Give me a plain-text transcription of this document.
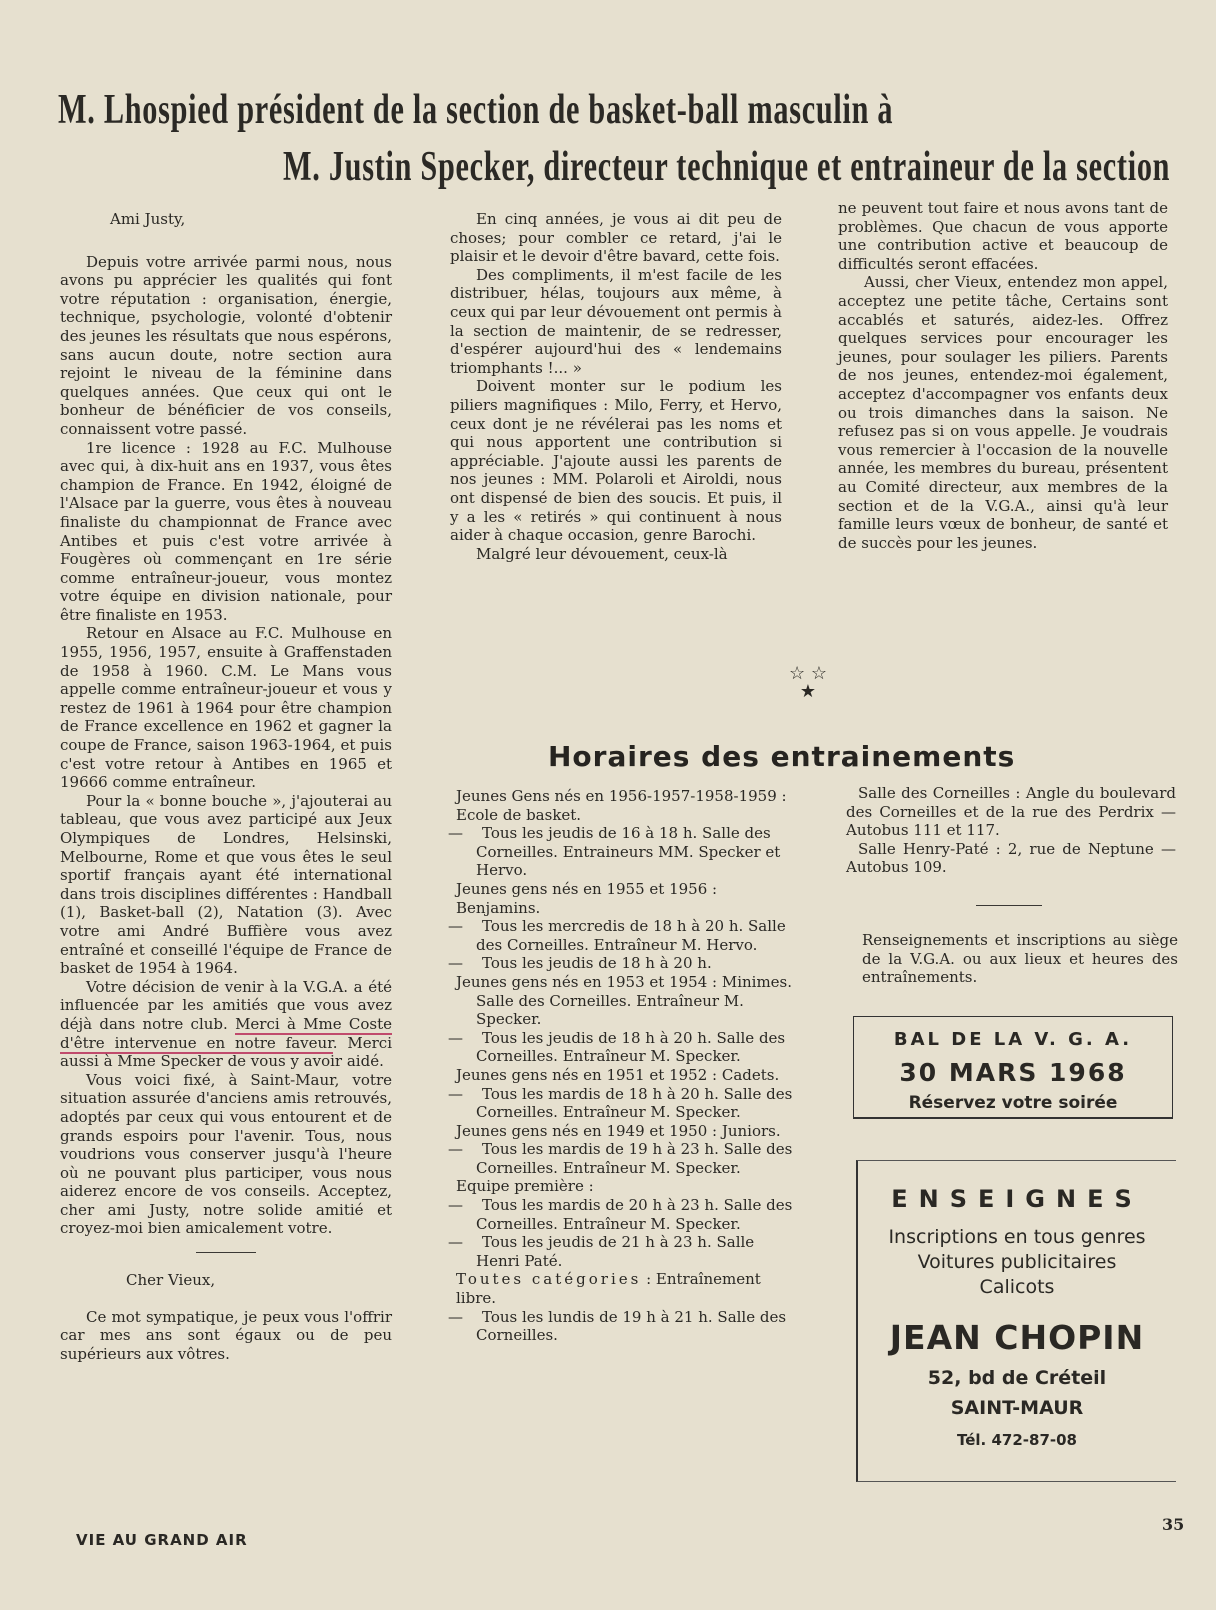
M. Lhospied président de la section de basket-ball masculin à
M. Justin Specker, directeur technique et entraineur de la section

Ami Justy,

Depuis votre arrivée parmi nous, nous avons pu apprécier les qualités qui font votre réputation : organisation, énergie, technique, psychologie, volonté d'obtenir des jeunes les résultats que nous espérons, sans aucun doute, notre section aura rejoint le niveau de la féminine dans quelques années. Que ceux qui ont le bonheur de bénéficier de vos conseils, connaissent votre passé.

1re licence : 1928 au F.C. Mulhouse avec qui, à dix-huit ans en 1937, vous êtes champion de France. En 1942, éloigné de l'Alsace par la guerre, vous êtes à nouveau finaliste du championnat de France avec Antibes et puis c'est votre arrivée à Fougères où commençant en 1re série comme entraîneur-joueur, vous montez votre équipe en division nationale, pour être finaliste en 1953.

Retour en Alsace au F.C. Mulhouse en 1955, 1956, 1957, ensuite à Graffenstaden de 1958 à 1960. C.M. Le Mans vous appelle comme entraîneur-joueur et vous y restez de 1961 à 1964 pour être champion de France excellence en 1962 et gagner la coupe de France, saison 1963-1964, et puis c'est votre retour à Antibes en 1965 et 19666 comme entraîneur.

Pour la « bonne bouche », j'ajouterai au tableau, que vous avez participé aux Jeux Olympiques de Londres, Helsinski, Melbourne, Rome et que vous êtes le seul sportif français ayant été international dans trois disciplines différentes : Handball (1), Basket-ball (2), Natation (3). Avec votre ami André Buffière vous avez entraîné et conseillé l'équipe de France de basket de 1954 à 1964.

Votre décision de venir à la V.G.A. a été influencée par les amitiés que vous avez déjà dans notre club. Merci à Mme Coste d'être intervenue en notre faveur. Merci aussi à Mme Specker de vous y avoir aidé.

Vous voici fixé, à Saint-Maur, votre situation assurée d'anciens amis retrouvés, adoptés par ceux qui vous entourent et de grands espoirs pour l'avenir. Tous, nous voudrions vous conserver jusqu'à l'heure où ne pouvant plus participer, vous nous aiderez encore de vos conseils. Acceptez, cher ami Justy, notre solide amitié et croyez-moi bien amicalement votre.

Cher Vieux,

Ce mot sympatique, je peux vous l'offrir car mes ans sont égaux ou de peu supérieurs aux vôtres.

En cinq années, je vous ai dit peu de choses; pour combler ce retard, j'ai le plaisir et le devoir d'être bavard, cette fois.

Des compliments, il m'est facile de les distribuer, hélas, toujours aux même, à ceux qui par leur dévouement ont permis à la section de maintenir, de se redresser, d'espérer aujourd'hui des « lendemains triomphants !... »

Doivent monter sur le podium les piliers magnifiques : Milo, Ferry, et Hervo, ceux dont je ne révélerai pas les noms et qui nous apportent une contribution si appréciable. J'ajoute aussi les parents de nos jeunes : MM. Polaroli et Airoldi, nous ont dispensé de bien des soucis. Et puis, il y a les « retirés » qui continuent à nous aider à chaque occasion, genre Barochi.

Malgré leur dévouement, ceux-là

ne peuvent tout faire et nous avons tant de problèmes. Que chacun de vous apporte une contribution active et beaucoup de difficultés seront effacées.

Aussi, cher Vieux, entendez mon appel, acceptez une petite tâche, Certains sont accablés et saturés, aidez-les. Offrez quelques services pour encourager les jeunes, pour soulager les piliers. Parents de nos jeunes, entendez-moi également, acceptez d'accompagner vos enfants deux ou trois dimanches dans la saison. Ne refusez pas si on vous appelle. Je voudrais vous remercier à l'occasion de la nouvelle année, les membres du bureau, présentent au Comité directeur, aux membres de la section et de la V.G.A., ainsi qu'à leur famille leurs vœux de bonheur, de santé et de succès pour les jeunes.

☆ ☆
★
Horaires des entrainements

Jeunes Gens nés en 1956-1957-1958-1959 : Ecole de basket.

— Tous les jeudis de 16 à 18 h. Salle des Corneilles. Entraineurs MM. Specker et Hervo.

Jeunes gens nés en 1955 et 1956 : Benjamins.

— Tous les mercredis de 18 h à 20 h. Salle des Corneilles. Entraîneur M. Hervo.

— Tous les jeudis de 18 h à 20 h.

Jeunes gens nés en 1953 et 1954 : Minimes.

Salle des Corneilles. Entraîneur M. Specker.

— Tous les jeudis de 18 h à 20 h. Salle des Corneilles. Entraîneur M. Specker.

Jeunes gens nés en 1951 et 1952 : Cadets.

— Tous les mardis de 18 h à 20 h. Salle des Corneilles. Entraîneur M. Specker.

Jeunes gens nés en 1949 et 1950 : Juniors.

— Tous les mardis de 19 h à 23 h. Salle des Corneilles. Entraîneur M. Specker.

Equipe première :

— Tous les mardis de 20 h à 23 h. Salle des Corneilles. Entraîneur M. Specker.

— Tous les jeudis de 21 h à 23 h. Salle Henri Paté.

Toutes catégories : Entraînement libre.

— Tous les lundis de 19 h à 21 h. Salle des Corneilles.

Salle des Corneilles : Angle du boulevard des Corneilles et de la rue des Perdrix — Autobus 111 et 117.

Salle Henry-Paté : 2, rue de Neptune — Autobus 109.

Renseignements et inscriptions au siège de la V.G.A. ou aux lieux et heures des entraînements.
BAL DE LA V. G. A.
30 MARS 1968
Réservez votre soirée
ENSEIGNES
Inscriptions en tous genres
Voitures publicitaires
Calicots
JEAN CHOPIN
52, bd de Créteil
SAINT-MAUR
Tél. 472-87-08
VIE AU GRAND AIR
35
